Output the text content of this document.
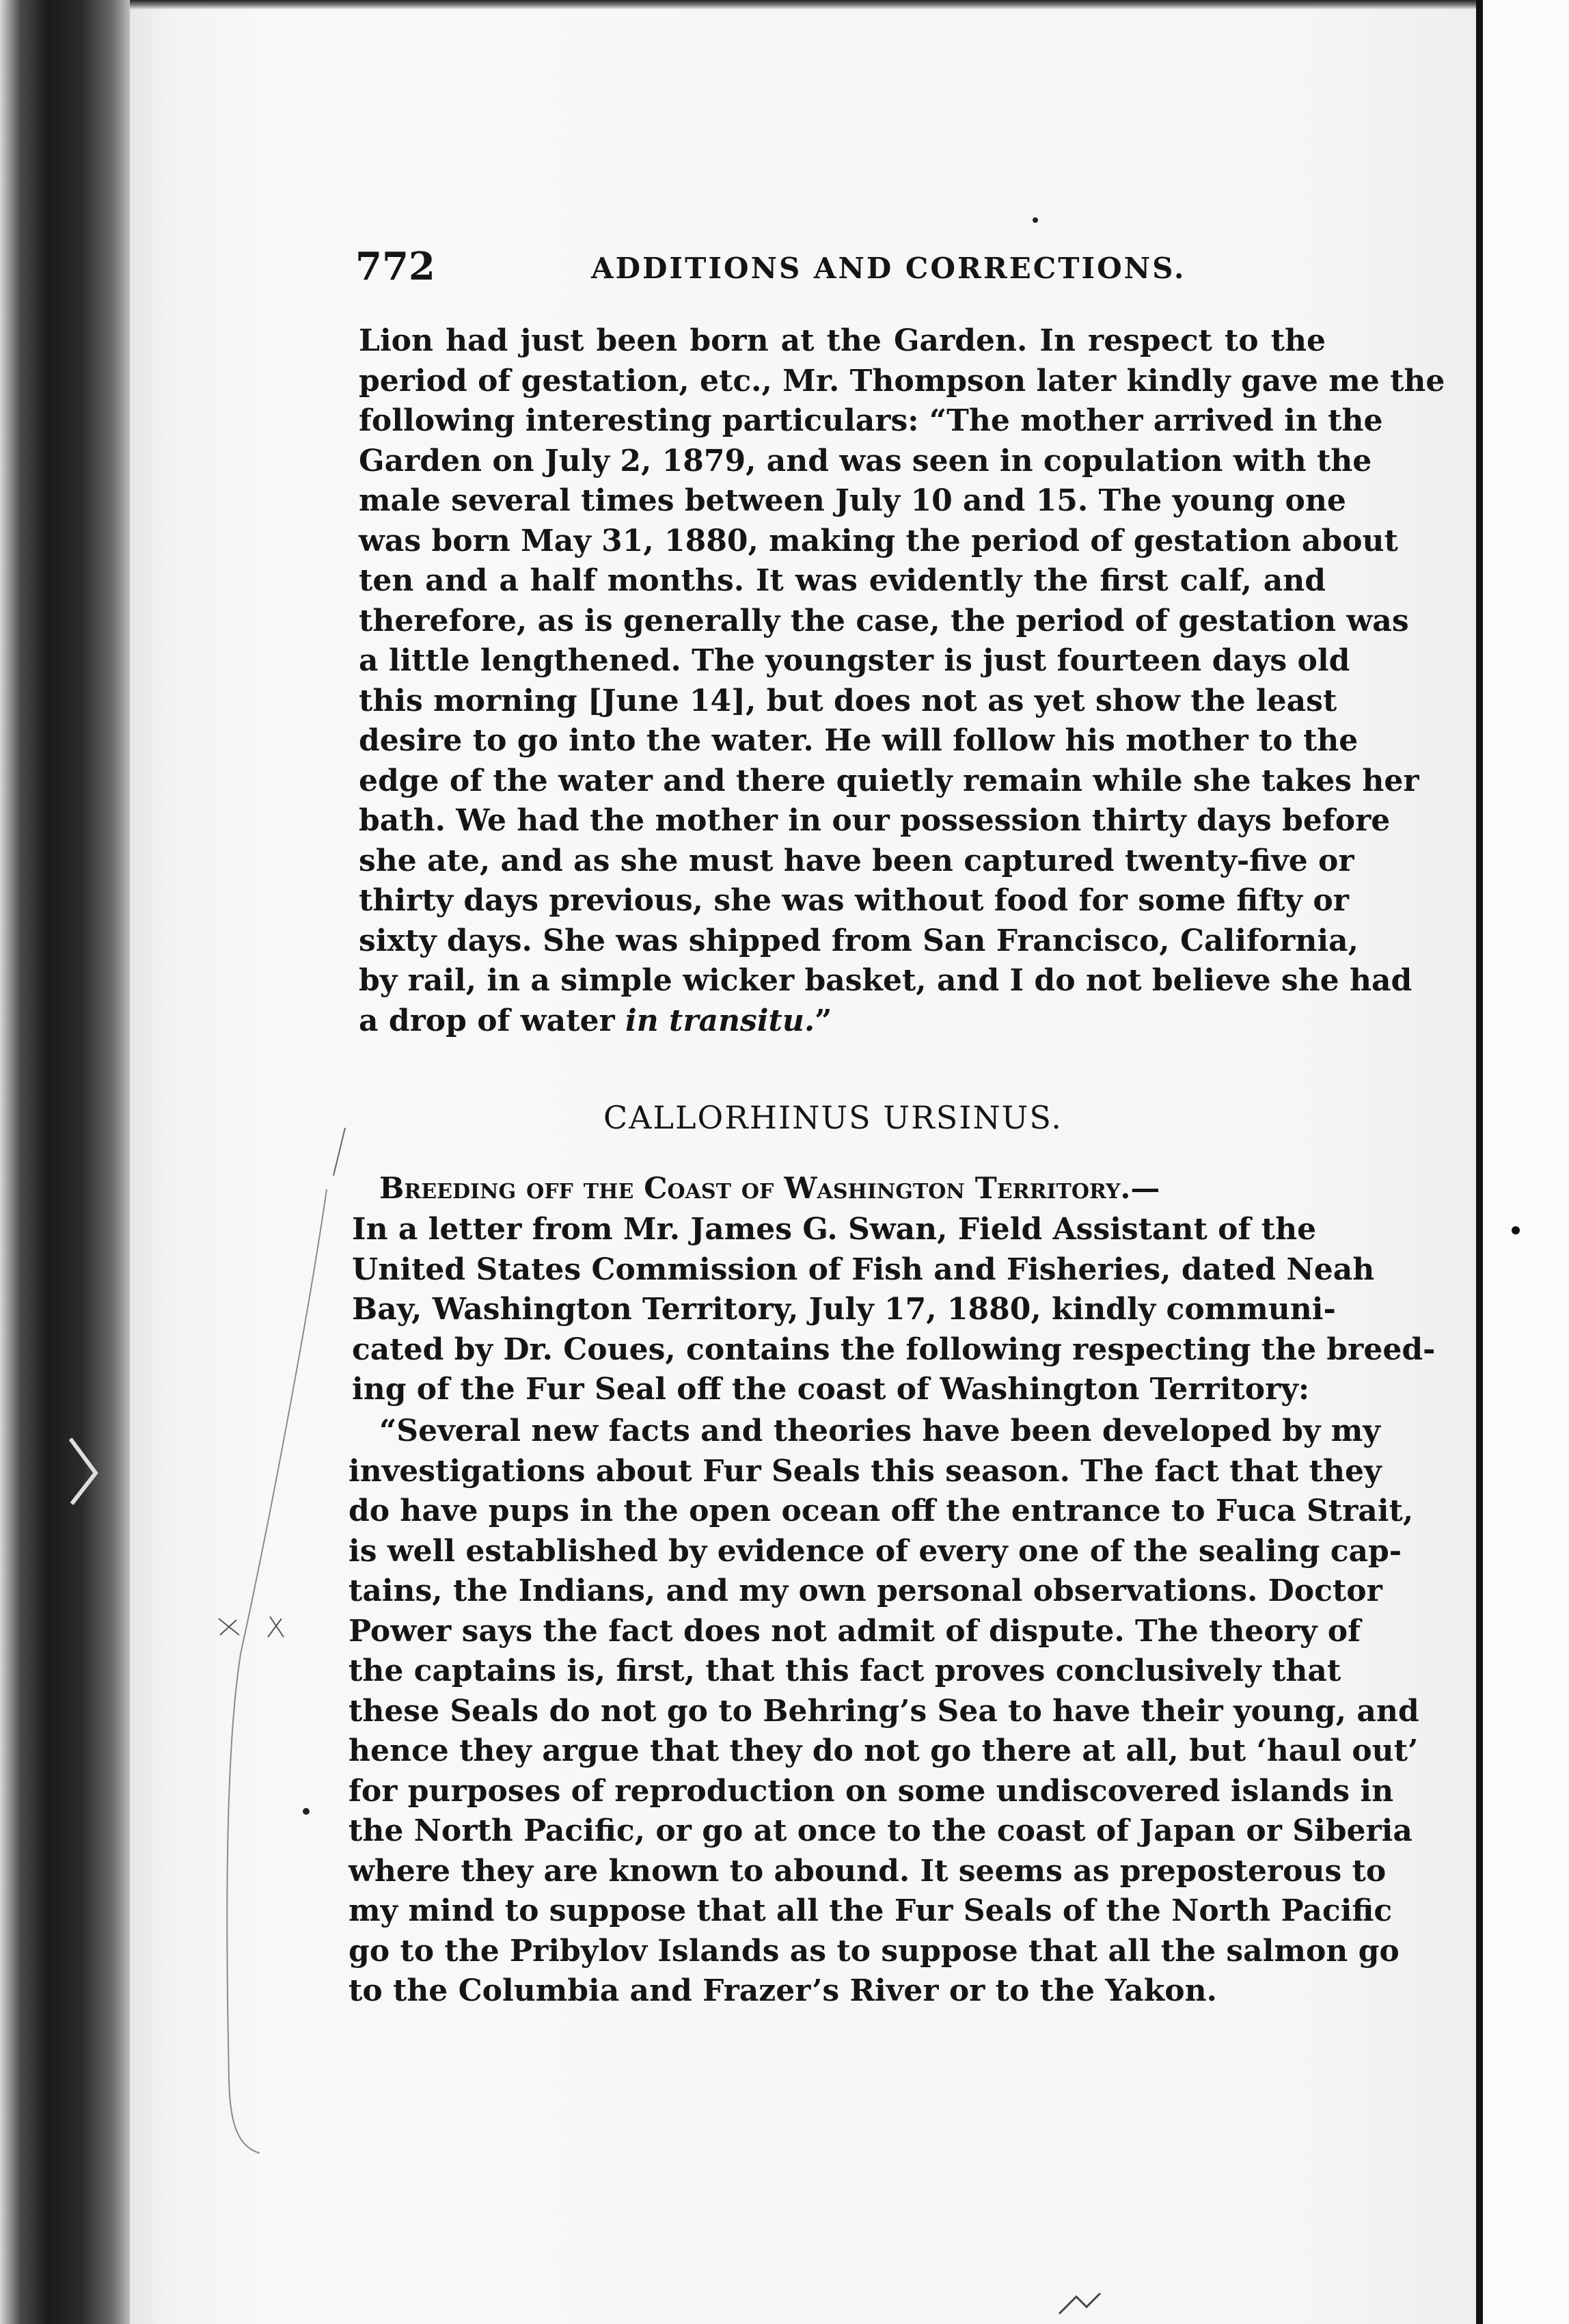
772	ADDITIONS AND CORRECTIONS.
Lion had just been born at the Garden. In respect to the
period of gestation, etc., Mr. Thompson later kindly gave me the
following interesting particulars: “The mother arrived in the
Garden on July 2, 1879, and was seen in copulation with the
male several times between July 10 and 15. The young one
was born May 31, 1880, making the period of gestation about
ten and a half months. It was evidently the first calf, and
therefore, as is generally the case, the period of gestation was
a little lengthened. The youngster is just fourteen days old
this morning [June 14], but does not as yet show the least
desire to go into the water. He will follow his mother to the
edge of the water and there quietly remain while she takes her
bath. We had the mother in our possession thirty days before
she ate, and as she must have been captured twenty-five or
thirty days previous, she was without food for some fifty or
sixty days. She was shipped from San Francisco, California,
by rail, in a simple wicker basket, and I do not believe she had
a drop of water in transitu.”
CALLORHINUS URSINUS.
Breeding off the Coast of Washington Territory.—
In a letter from Mr. James G. Swan, Field Assistant of the
United States Commission of Fish and Fisheries, dated Neah
Bay, Washington Territory, July 17, 1880, kindly communi-
cated by Dr. Coues, contains the following respecting the breed-
ing of the Fur Seal off the coast of Washington Territory:
“Several new facts and theories have been developed by my
investigations about Fur Seals this season. The fact that they
do have pups in the open ocean off the entrance to Fuca Strait,
is well established by evidence of every one of the sealing cap-
tains, the Indians, and my own personal observations. Doctor
Power says the fact does not admit of dispute. The theory of
the captains is, first, that this fact proves conclusively that
these Seals do not go to Behring’s Sea to have their young, and
hence they argue that they do not go there at all, but ‘haul out’
for purposes of reproduction on some undiscovered islands in
the North Pacific, or go at once to the coast of Japan or Siberia
where they are known to abound. It seems as preposterous to
my mind to suppose that all the Fur Seals of the North Pacific
go to the Pribylov Islands as to suppose that all the salmon go
to the Columbia and Frazer’s River or to the Yakon.
